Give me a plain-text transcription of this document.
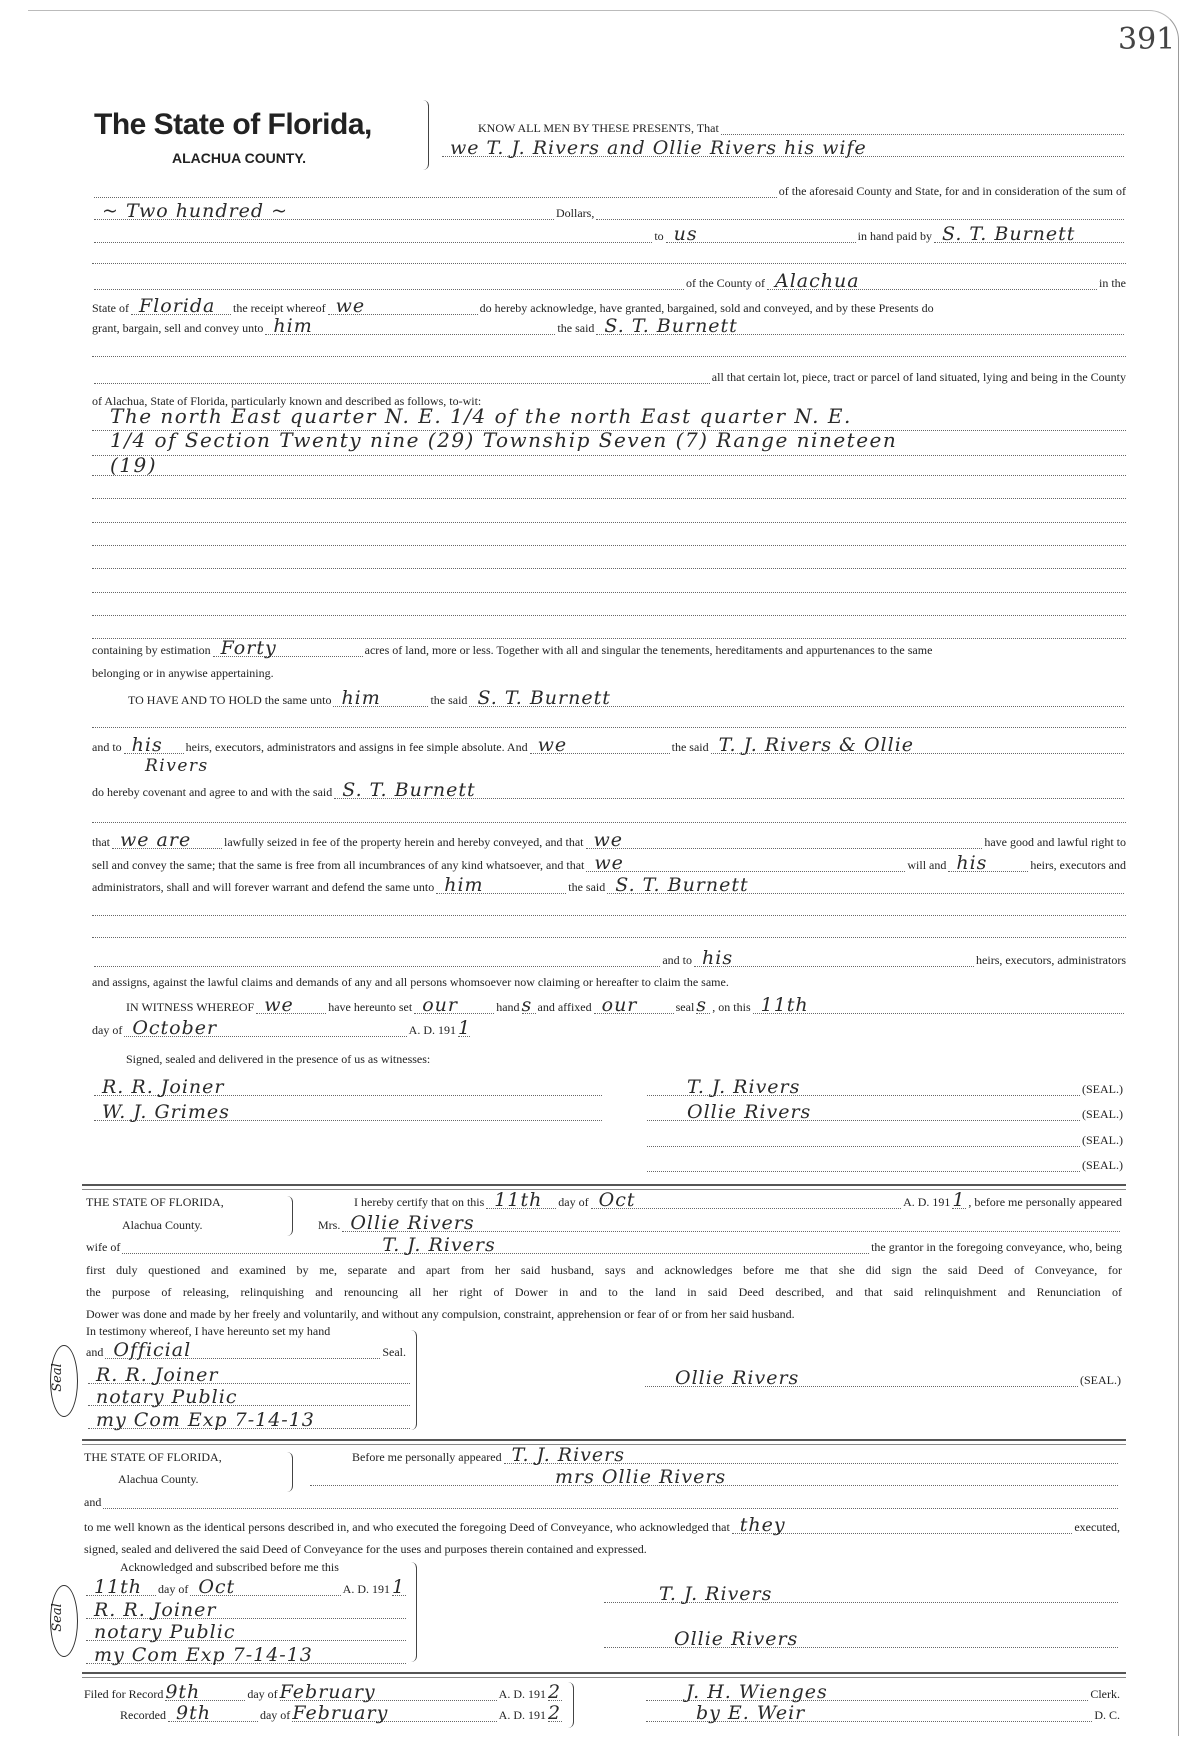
391
The State of Florida,
ALACHUA COUNTY.
KNOW ALL MEN BY THESE PRESENTS, That
we T. J. Rivers and Ollie Rivers his wife
of the aforesaid County and State, for and in consideration of the sum of
~ Two hundred ~	Dollars,
to us	in hand paid by S. T. Burnett
of the County of Alachua	in the
State of Florida the receipt whereof we	do hereby acknowledge, have granted, bargained, sold and conveyed, and by these Presents do
grant, bargain, sell and convey unto him	the said S. T. Burnett
all that certain lot, piece, tract or parcel of land situated, lying and being in the County
of Alachua, State of Florida, particularly known and described as follows, to-wit:
The north East quarter N. E. 1/4 of the north East quarter N. E.
1/4 of Section Twenty nine (29) Township Seven (7) Range nineteen
(19)
containing by estimation Forty	acres of land, more or less. Together with all and singular the tenements, hereditaments and appurtenances to the same
belonging or in anywise appertaining.
TO HAVE AND TO HOLD the same unto him	the said S. T. Burnett
and to his heirs, executors, administrators and assigns in fee simple absolute. And we	the said T. J. Rivers & Ollie
Rivers
do hereby covenant and agree to and with the said S. T. Burnett
that we are	lawfully seized in fee of the property herein and hereby conveyed, and that we	have good and lawful right to
sell and convey the same; that the same is free from all incumbrances of any kind whatsoever, and that we	will and his	heirs, executors and
administrators, shall and will forever warrant and defend the same unto him	the said S. T. Burnett
and to his	heirs, executors, administrators
and assigns, against the lawful claims and demands of any and all persons whomsoever now claiming or hereafter to claim the same.
IN WITNESS WHEREOF we	have hereunto set our	hand s and affixed our	seal s , on this 11th
day of October	A. D. 191 1
Signed, sealed and delivered in the presence of us as witnesses:
R. R. Joiner
W. J. Grimes
T. J. Rivers	(SEAL.)
Ollie Rivers	(SEAL.)
(SEAL.)
(SEAL.)
THE STATE OF FLORIDA,
Alachua County.
I hereby certify that on this 11th day of Oct	A. D. 191 1 , before me personally appeared
Mrs. Ollie Rivers
wife of	T. J. Rivers	the grantor in the foregoing conveyance, who, being
first duly questioned and examined by me, separate and apart from her said husband, says and acknowledges before me that she did sign the said Deed of Conveyance, for
the purpose of releasing, relinquishing and renouncing all her right of Dower in and to the land in said Deed described, and that said relinquishment and Renunciation of
Dower was done and made by her freely and voluntarily, and without any compulsion, constraint, apprehension or fear of or from her said husband.
In testimony whereof, I have hereunto set my hand
and Official	Seal.
R. R. Joiner
notary Public
my Com Exp 7-14-13
Seal	Ollie Rivers	(SEAL.)
THE STATE OF FLORIDA,
Alachua County.
Before me personally appeared T. J. Rivers
mrs Ollie Rivers
and
to me well known as the identical persons described in, and who executed the foregoing Deed of Conveyance, who acknowledged that they	executed,
signed, sealed and delivered the said Deed of Conveyance for the uses and purposes therein contained and expressed.
Acknowledged and subscribed before me this
11th day of Oct	A. D. 191 1
R. R. Joiner
notary Public
my Com Exp 7-14-13
Seal
T. J. Rivers
Ollie Rivers
Filed for Record 9th	day of February	A. D. 191 2
Recorded 9th	day of February	A. D. 191 2
J. H. Wienges	Clerk.
by E. Weir	D. C.
